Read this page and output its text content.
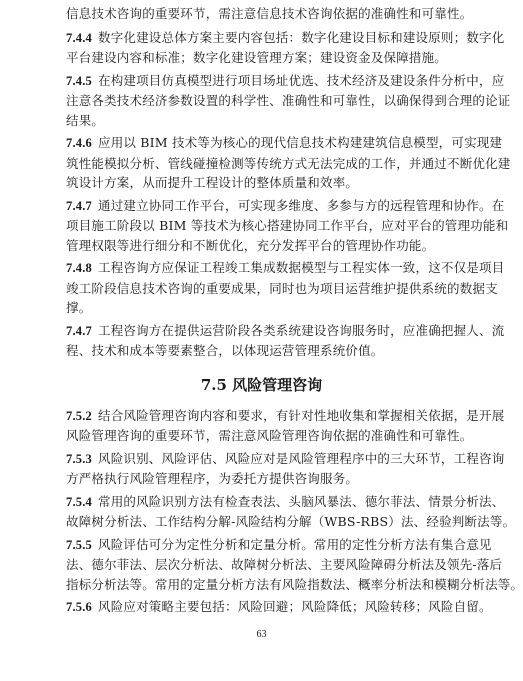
信息技术咨询的重要环节，需注意信息技术咨询依据的准确性和可靠性。
7.4.4 数字化建设总体方案主要内容包括：数字化建设目标和建设原则；数字化
平台建设内容和标准；数字化建设管理方案；建设资金及保障措施。
7.4.5 在构建项目仿真模型进行项目场址优选、技术经济及建设条件分析中，应
注意各类技术经济参数设置的科学性、准确性和可靠性，以确保得到合理的论证
结果。
7.4.6 应用以 BIM 技术等为核心的现代信息技术构建建筑信息模型，可实现建
筑性能模拟分析、管线碰撞检测等传统方式无法完成的工作，并通过不断优化建
筑设计方案，从而提升工程设计的整体质量和效率。
7.4.7 通过建立协同工作平台，可实现多维度、多参与方的远程管理和协作。在
项目施工阶段以 BIM 等技术为核心搭建协同工作平台，应对平台的管理功能和
管理权限等进行细分和不断优化，充分发挥平台的管理协作功能。
7.4.8 工程咨询方应保证工程竣工集成数据模型与工程实体一致，这不仅是项目
竣工阶段信息技术咨询的重要成果，同时也为项目运营维护提供系统的数据支
撑。
7.4.7 工程咨询方在提供运营阶段各类系统建设咨询服务时，应准确把握人、流
程、技术和成本等要素整合，以体现运营管理系统价值。
7.5 风险管理咨询
7.5.2 结合风险管理咨询内容和要求，有针对性地收集和掌握相关依据，是开展
风险管理咨询的重要环节，需注意风险管理咨询依据的准确性和可靠性。
7.5.3 风险识别、风险评估、风险应对是风险管理程序中的三大环节，工程咨询
方严格执行风险管理程序，为委托方提供咨询服务。
7.5.4 常用的风险识别方法有检查表法、头脑风暴法、德尔菲法、情景分析法、
故障树分析法、工作结构分解-风险结构分解（WBS-RBS）法、经验判断法等。
7.5.5 风险评估可分为定性分析和定量分析。常用的定性分析方法有集合意见
法、德尔菲法、层次分析法、故障树分析法、主要风险障碍分析法及领先-落后
指标分析法等。常用的定量分析方法有风险指数法、概率分析法和模糊分析法等。
7.5.6 风险应对策略主要包括：风险回避；风险降低；风险转移；风险自留。
63
